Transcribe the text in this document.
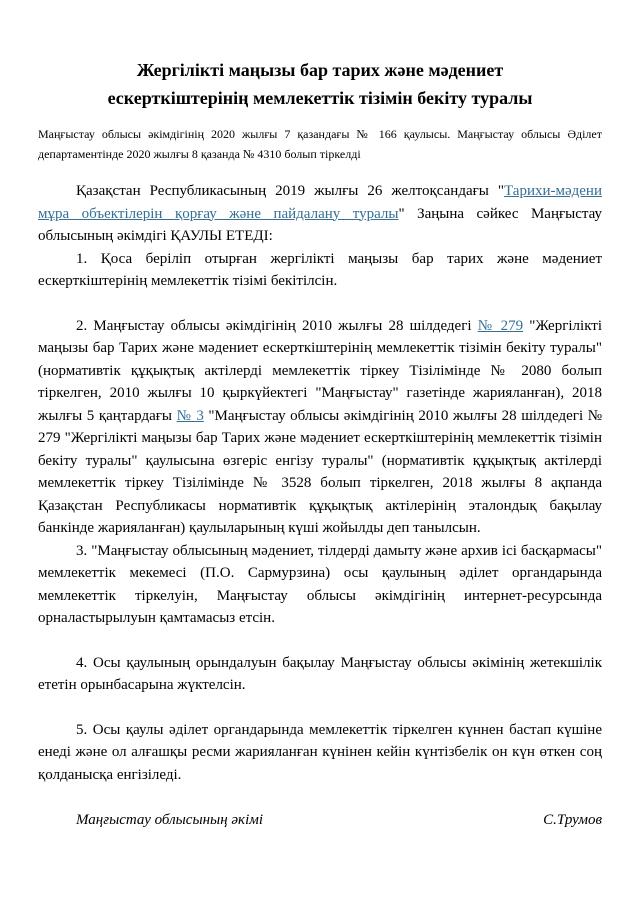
Жергілікті маңызы бар тарих және мәдениет ескерткіштерінің мемлекеттік тізімін бекіту туралы

Маңғыстау облысы әкімдігінің 2020 жылғы 7 қазандағы № 166 қаулысы. Маңғыстау облысы Әділет департаментінде 2020 жылғы 8 қазанда № 4310 болып тіркелді

Қазақстан Республикасының 2019 жылғы 26 желтоқсандағы "Тарихи-мәдени мұра объектілерін қорғау және пайдалану туралы" Заңына сәйкес Маңғыстау облысының әкімдігі ҚАУЛЫ ЕТЕДІ:

1. Қоса беріліп отырған жергілікті маңызы бар тарих және мәдениет ескерткіштерінің мемлекеттік тізімі бекітілсін.

2. Маңғыстау облысы әкімдігінің 2010 жылғы 28 шілдедегі № 279 "Жергілікті маңызы бар Тарих және мәдениет ескерткіштерінің мемлекеттік тізімін бекіту туралы" (нормативтік құқықтық актілерді мемлекеттік тіркеу Тізілімінде № 2080 болып тіркелген, 2010 жылғы 10 қыркүйектегі "Маңғыстау" газетінде жарияланған), 2018 жылғы 5 қаңтардағы № 3 "Маңғыстау облысы әкімдігінің 2010 жылғы 28 шілдедегі № 279 "Жергілікті маңызы бар Тарих және мәдениет ескерткіштерінің мемлекеттік тізімін бекіту туралы" қаулысына өзгеріс енгізу туралы" (нормативтік құқықтық актілерді мемлекеттік тіркеу Тізілімінде № 3528 болып тіркелген, 2018 жылғы 8 ақпанда Қазақстан Республикасы нормативтік құқықтық актілерінің эталондық бақылау банкінде жарияланған) қаулыларының күші жойылды деп танылсын.

3. "Маңғыстау облысының мәдениет, тілдерді дамыту және архив ісі басқармасы" мемлекеттік мекемесі (П.О. Сармурзина) осы қаулының әділет органдарында мемлекеттік тіркелуін, Маңғыстау облысы әкімдігінің интернет-ресурсында орналастырылуын қамтамасыз етсін.

4. Осы қаулының орындалуын бақылау Маңғыстау облысы әкімінің жетекшілік ететін орынбасарына жүктелсін.

5. Осы қаулы әділет органдарында мемлекеттік тіркелген күннен бастап күшіне енеді және ол алғашқы ресми жарияланған күнінен кейін күнтізбелік он күн өткен соң қолданысқа енгізіледі.

Маңғыстау облысының әкімі	С.Трумов
